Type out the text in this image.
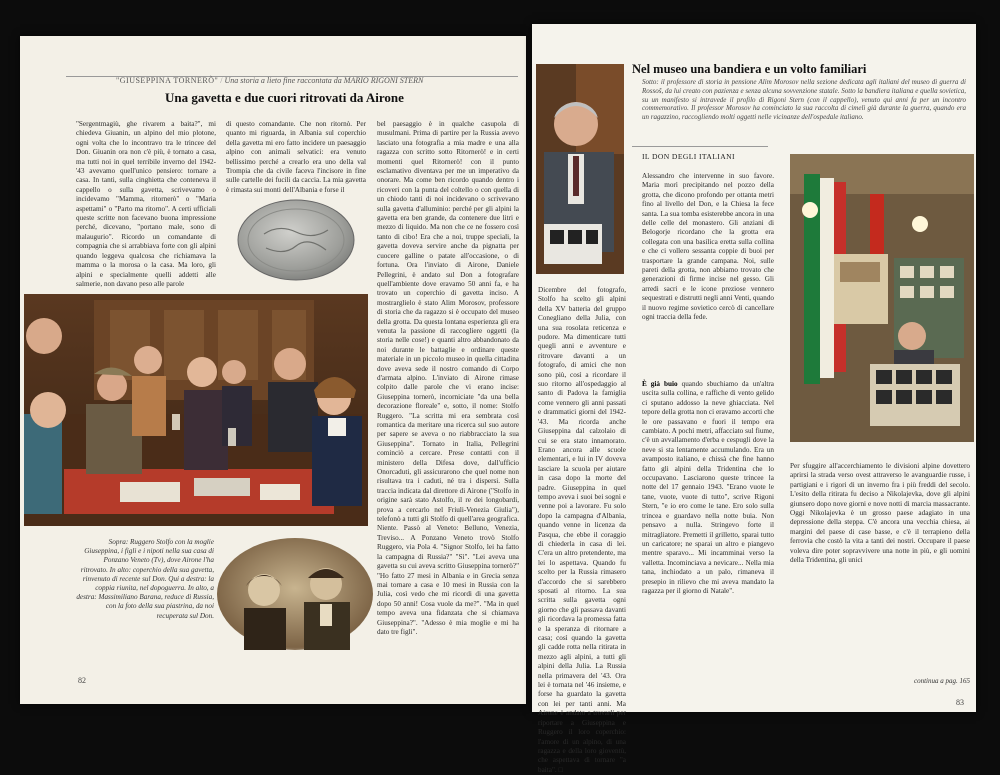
"GIUSEPPINA TORNERÒ" / Una storia a lieto fine raccontata da MARIO RIGONI STERN
Una gavetta e due cuori ritrovati da Airone

"Sergentmagiù, ghe rivarem a baita?", mi chiedeva Giuanin, un alpino del mio plotone, ogni volta che lo incontravo tra le trincee del Don. Giuanin ora non c'è più, è tornato a casa, ma tutti noi in quel terribile inverno del 1942-'43 avevamo quell'unico pensiero: tornare a casa. In tanti, sulla cinghietta che conteneva il cappello o sulla gavetta, scrivevamo o incidevamo "Mamma, ritornerò" o "Maria aspettami" o "Parto ma ritorno". A certi ufficiali queste scritte non facevano buona impressione perché, dicevano, "portano male, sono di malaugurio". Ricordo un comandante di compagnia che si arrabbiava forte con gli alpini quando leggeva qualcosa che richiamava la mamma o la morosa o la casa. Ma loro, gli alpini e specialmente quelli addetti alle salmerie, non davano peso alle parole

di questo comandante. Che non ritornò. Per quanto mi riguarda, in Albania sul coperchio della gavetta mi ero fatto incidere un paesaggio alpino con animali selvatici: era venuto bellissimo perché a crearlo era uno della val Trompia che da civile faceva l'incisore in fine sulle cartelle dei fucili da caccia. La mia gavetta è rimasta sui monti dell'Albania e forse il

bel paesaggio è in qualche casupola di musulmani. Prima di partire per la Russia avevo lasciato una fotografia a mia madre e una alla ragazza con scritto sotto Ritornerò! e in certi momenti quel Ritornerò! con il punto esclamativo diventava per me un imperativo da onorare. Ma come ben ricordo quando dentro i ricoveri con la punta del coltello o con quella di un chiodo tanti di noi incidevano o scrivevano sulla gavetta d'alluminio: perché per gli alpini la gavetta era ben grande, da contenere due litri e mezzo di liquido. Ma non che ce ne fossero così tanto di cibo! Era che a noi, truppe speciali, la gavetta doveva servire anche da pignatta per cuocere galline o patate all'occasione, o di fortuna. Ora l'inviato di Airone, Daniele Pellegrini, è andato sul Don a fotografare quell'ambiente dove eravamo 50 anni fa, e ha trovato un coperchio di gavetta inciso. A mostrarglielo è stato Alim Morosov, professore di storia che da ragazzo si è occupato del museo della grotta. Da questa lontana esperienza gli era venuta la passione di raccogliere oggetti (la storia nelle cose!) e quanti altro abbandonato da noi durante le battaglie e ordinare queste materiale in un piccolo museo in quella cittadina dove aveva sede il nostro comando di Corpo d'armata alpino. L'inviato di Airone rimase colpito dalle parole che vi erano incise: Giuseppina tornerò, incorniciate "da una bella decorazione floreale" e, sotto, il nome: Stolfo Ruggero. "La scritta mi era sembrata così romantica da meritare una ricerca sul suo autore per sapere se aveva o no riabbracciato la sua Giuseppina". Tornato in Italia, Pellegrini cominciò a cercare. Prese contatti con il ministero della Difesa dove, dall'ufficio Onorcaduti, gli assicurarono che quel nome non risultava tra i caduti, né tra i dispersi. Sulla traccia indicata dal direttore di Airone ("Stolfo in origine sarà stato Astolfo, il re dei longobardi, prova a cercarlo nel Friuli-Venezia Giulia"), telefonò a tutti gli Stolfo di quell'area geografica. Niente. Passò al Veneto: Belluno, Venezia, Treviso... A Ponzano Veneto trovò Stolfo Ruggero, via Pola 4. "Signor Stolfo, lei ha fatto la campagna di Russia?" "Sì". "Lei aveva una gavetta su cui aveva scritto Giuseppina tornerò?" "Ho fatto 27 mesi in Albania e in Grecia senza mai tornare a casa e 10 mesi in Russia con la Julia, così vedo che mi ricordi di una gavetta dopo 50 anni! Cosa vuole da me?". "Ma in quel tempo aveva una fidanzata che si chiamava Giuseppina?". "Adesso è mia moglie e mi ha dato tre figli".

Sopra: Ruggero Stolfo con la moglie Giuseppina, i figli e i nipoti nella sua casa di Ponzano Veneto (Tv), dove Airone l'ha ritrovato. In alto: coperchio della sua gavetta, rinvenuto di recente sul Don. Qui a destra: la coppia riunita, nel dopoguerra. In alto, a destra: Massimiliano Barana, reduce di Russia, con la foto della sua piastrina, da noi recuperata sul Don.

82
Nel museo una bandiera e un volto familiari

Sotto: il professore di storia in pensione Alim Morosov nella sezione dedicata agli italiani del museo di guerra di Rossoš, da lui creato con pazienza e senza alcuna sovvenzione statale. Sotto la bandiera italiana e quella sovietica, su un manifesto si intravede il profilo di Rigoni Stern (con il cappello), venuto qui anni fa per un incontro commemorativo. Il professor Morosov ha cominciato la sua raccolta di cimeli già durante la guerra, quando era un ragazzino, raccogliendo molti oggetti nelle vicinanze dell'ospedale italiano.

IL DON DEGLI ITALIANI

Dicembre del fotografo, Stolfo ha scelto gli alpini della XV batteria del gruppo Conegliano della Julia, con una sua rosolata reticenza e pudore. Ma dimenticare tutti quegli anni e avventure e ritrovare davanti a un fotografo, di amici che non sono più, così a ricordare il suo ritorno all'ospedaggio al santo di Padova la famiglia come vennero gli anni passati e drammatici giorni del 1942-'43. Ma ricorda anche Giuseppina dal calzolaio di cui se era stato innamorato. Erano ancora alle scuole elementari, e lui in IV doveva lasciare la scuola per aiutare in casa dopo la morte del padre. Giuseppina in quel tempo aveva i suoi bei sogni e venne poi a lavorare. Fu solo dopo la campagna d'Albania, quando venne in licenza da Pasqua, che ebbe il coraggio di chiederla in casa di lei. C'era un altro pretendente, ma lei lo aspettava. Quando fu scelto per la Russia rimasero d'accordo che si sarebbero sposati al ritorno. La sua scritta sulla gavetta ogni giorno che gli passava davanti gli ricordava la promessa fatta e la speranza di ritornare a casa; così quando la gavetta gli cadde rotta nella ritirata in mezzo agli alpini, a tutti gli alpini della Julia. La Russia nella primavera del '43. Ora lei è tornata nel '46 insieme, e forse ha guardato la gavetta con lei per tanti anni. Ma Airone è andato a trovarli per riportare a Giuseppina e Ruggero il loro coperchio: l'amore di un alpino, di una ragazza e della loro gioventù, che aspettava di tornare "a baita". □

Alessandro che intervenne in suo favore. Maria morì precipitando nel pozzo della grotta, che dicono profondo per ottanta metri fino al livello del Don, e la Chiesa la fece santa. La sua tomba esisterebbe ancora in una delle celle del monastero. Gli anziani di Belogorje ricordano che la grotta era collegata con una basilica eretta sulla collina e che ci vollero sessanta coppie di buoi per trasportare la grande campana. Noi, sulle pareti della grotta, non abbiamo trovato che generazioni di firme incise nel gesso. Gli arredi sacri e le icone preziose vennero sequestrati e distrutti negli anni Venti, quando il nuovo regime sovietico cercò di cancellare ogni traccia della fede.

È già buio quando sbuchiamo da un'altra uscita sulla collina, e raffiche di vento gelido ci sputano addosso la neve ghiacciata. Nel tepore della grotta non ci eravamo accorti che le ore passavano e fuori il tempo era cambiato. A pochi metri, affacciato sul fiume, c'è un avvallamento d'erba e cespugli dove la neve si sta lentamente accumulando. Era un avamposto italiano, e chissà che fine hanno fatto gli alpini della Tridentina che lo occupavano. Lasciarono queste trincee la notte del 17 gennaio 1943. "Erano vuote le tane, vuote, vuote di tutto", scrive Rigoni Stern, "e io ero come le tane. Ero solo sulla trincea e guardavo nella notte buia. Non pensavo a nulla. Stringevo forte il mitragliatore. Premetti il grilletto, sparai tutto un caricatore; ne sparai un altro e piangevo mentre sparavo... Mi incamminai verso la valletta. Incominciava a nevicare... Nella mia tana, inchiodato a un palo, rimaneva il presepio in rilievo che mi aveva mandato la ragazza per il giorno di Natale".

Per sfuggire all'accerchiamento le divisioni alpine dovettero aprirsi la strada verso ovest attraverso le avanguardie russe, i partigiani e i rigori di un inverno fra i più freddi del secolo. L'esito della ritirata fu deciso a Nikolajevka, dove gli alpini giunsero dopo nove giorni e nove notti di marcia massacrante. Oggi Nikolajevka è un grosso paese adagiato in una depressione della steppa. C'è ancora una vecchia chiesa, ai margini del paese di case basse, e c'è il terrapieno della ferrovia che costò la vita a tanti dei nostri. Occupare il paese voleva dire poter sopravvivere una notte in più, e gli uomini della Tridentina, gli unici

continua a pag. 165
83
